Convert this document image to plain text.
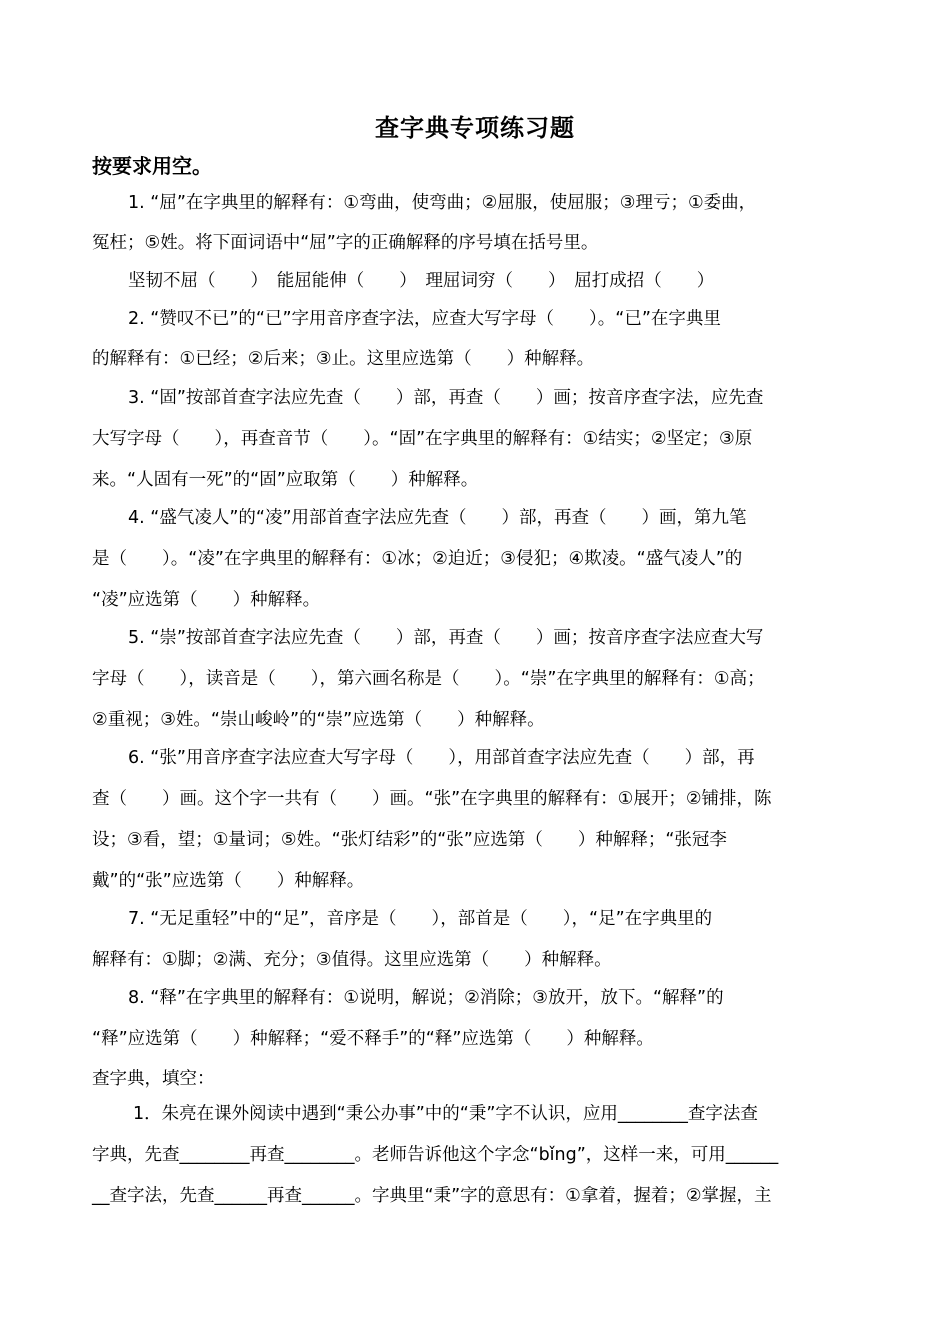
查字典专项练习题
按要求用空。
1. “屈”在字典里的解释有：①弯曲，使弯曲；②屈服，使屈服；③理亏；①委曲，
冤枉；⑤姓。将下面词语中“屈”字的正确解释的序号填在括号里。
坚韧不屈（　　）　能屈能伸（　　）　理屈词穷（　　）　屈打成招（　　）
2. “赞叹不已”的“已”字用音序查字法，应查大写字母（　　）。“已”在字典里
的解释有：①已经；②后来；③止。这里应选第（　　）种解释。
3. “固”按部首查字法应先查（　　）部，再查（　　）画；按音序查字法，应先查
大写字母（　　），再查音节（　　）。“固”在字典里的解释有：①结实；②坚定；③原
来。“人固有一死”的“固”应取第（　　）种解释。
4. “盛气凌人”的“凌”用部首查字法应先查（　　）部，再查（　　）画，第九笔
是（　　）。“凌”在字典里的解释有：①冰；②迫近；③侵犯；④欺凌。“盛气凌人”的
“凌”应选第（　　）种解释。
5. “崇”按部首查字法应先查（　　）部，再查（　　）画；按音序查字法应查大写
字母（　　），读音是（　　），第六画名称是（　　）。“崇”在字典里的解释有：①高；
②重视；③姓。“崇山峻岭”的“崇”应选第（　　）种解释。
6. “张”用音序查字法应查大写字母（　　），用部首查字法应先查（　　）部，再
查（　　）画。这个字一共有（　　）画。“张”在字典里的解释有：①展开；②铺排，陈
设；③看，望；①量词；⑤姓。“张灯结彩”的“张”应选第（　　）种解释；“张冠李
戴”的“张”应选第（　　）种解释。
7. “无足重轻”中的“足”，音序是（　　），部首是（　　），“足”在字典里的
解释有：①脚；②满、充分；③值得。这里应选第（　　）种解释。
8. “释”在字典里的解释有：①说明，解说；②消除；③放开，放下。“解释”的
“释”应选第（　　）种解释；“爱不释手”的“释”应选第（　　）种解释。
查字典，填空：
1．朱亮在课外阅读中遇到“秉公办事”中的“秉”字不认识，应用________查字法查
字典，先查________再查________。老师告诉他这个字念“bǐng”，这样一来，可用______
__查字法，先查______再查______。字典里“秉”字的意思有：①拿着，握着；②掌握，主
